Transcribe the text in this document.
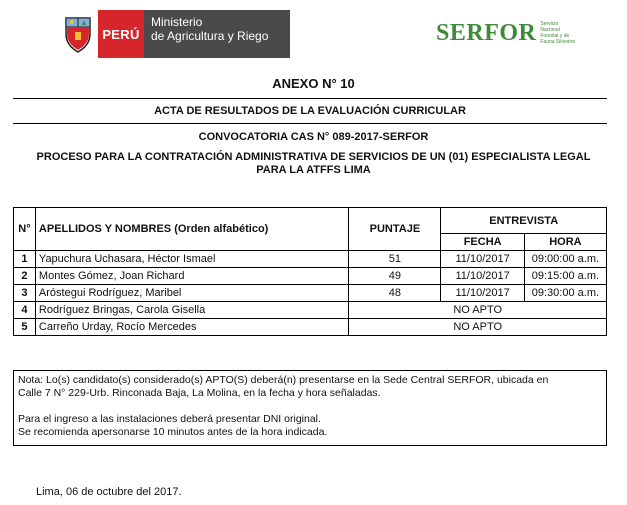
PERÚ
Ministerio
de Agricultura y Riego	SERFOR Servicio Nacional Forestal y de Fauna Silvestre
ANEXO N° 10
ACTA DE RESULTADOS DE LA EVALUACIÓN CURRICULAR
CONVOCATORIA CAS N° 089-2017-SERFOR
PROCESO PARA LA CONTRATACIÓN ADMINISTRATIVA DE SERVICIOS DE UN (01) ESPECIALISTA LEGAL
PARA LA ATFFS LIMA
N°	APELLIDOS Y NOMBRES (Orden alfabético)	PUNTAJE	ENTREVISTA	
			FECHA	HORA
1	Yapuchura Uchasara, Héctor Ismael	51	11/10/2017	09:00:00 a.m.
2	Montes Gómez, Joan Richard	49	11/10/2017	09:15:00 a.m.
3	Aróstegui Rodríguez, Maribel	48	11/10/2017	09:30:00 a.m.
4	Rodríguez Bringas, Carola Gisella	NO APTO		
5	Carreño Urday, Rocío Mercedes	NO APTO		

Nota: Lo(s) candidato(s) considerado(s) APTO(S) deberá(n) presentarse en la Sede Central SERFOR, ubicada en

Calle 7 N° 229-Urb. Rinconada Baja, La Molina, en la fecha y hora señaladas.

Para el ingreso a las instalaciones deberá presentar DNI original.

Se recomienda apersonarse 10 minutos antes de la hora indicada.

Lima, 06 de octubre del 2017.
